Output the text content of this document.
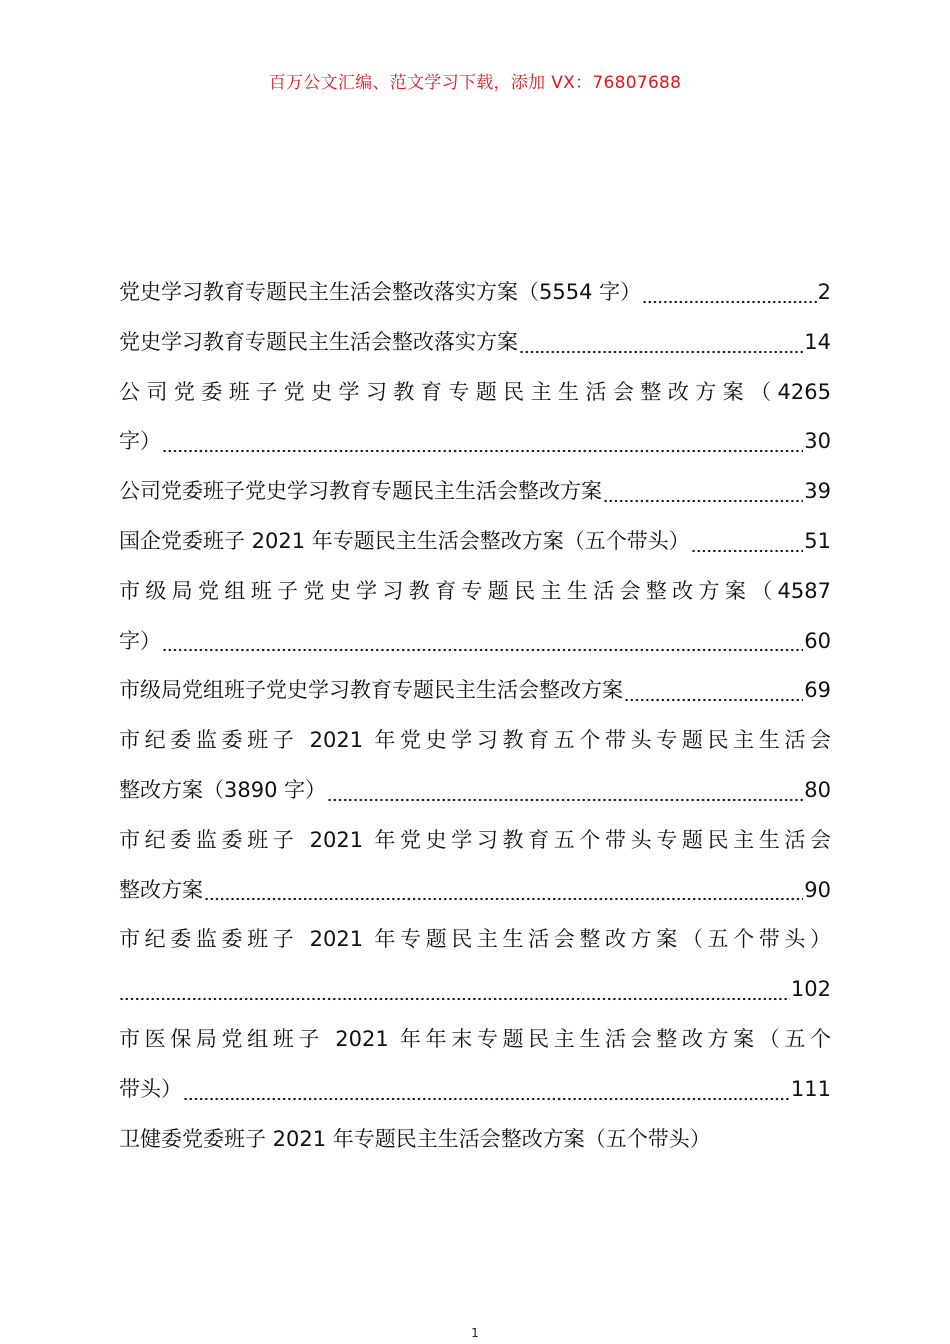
百万公文汇编、范文学习下载，添加 VX：76807688
党史学习教育专题民主生活会整改落实方案（5554 字）	2
党史学习教育专题民主生活会整改落实方案	14
公司党委班子党史学习教育专题民主生活会整改方案（4265
字）	30
公司党委班子党史学习教育专题民主生活会整改方案	39
国企党委班子 2021 年专题民主生活会整改方案（五个带头）	51
市级局党组班子党史学习教育专题民主生活会整改方案（4587
字）	60
市级局党组班子党史学习教育专题民主生活会整改方案	69
市纪委监委班子 2021 年党史学习教育五个带头专题民主生活会
整改方案（3890 字）	80
市纪委监委班子 2021 年党史学习教育五个带头专题民主生活会
整改方案	90
市纪委监委班子 2021 年专题民主生活会整改方案（五个带头）
102
市医保局党组班子 2021 年年末专题民主生活会整改方案（五个
带头）	111
卫健委党委班子 2021 年专题民主生活会整改方案（五个带头）
1
